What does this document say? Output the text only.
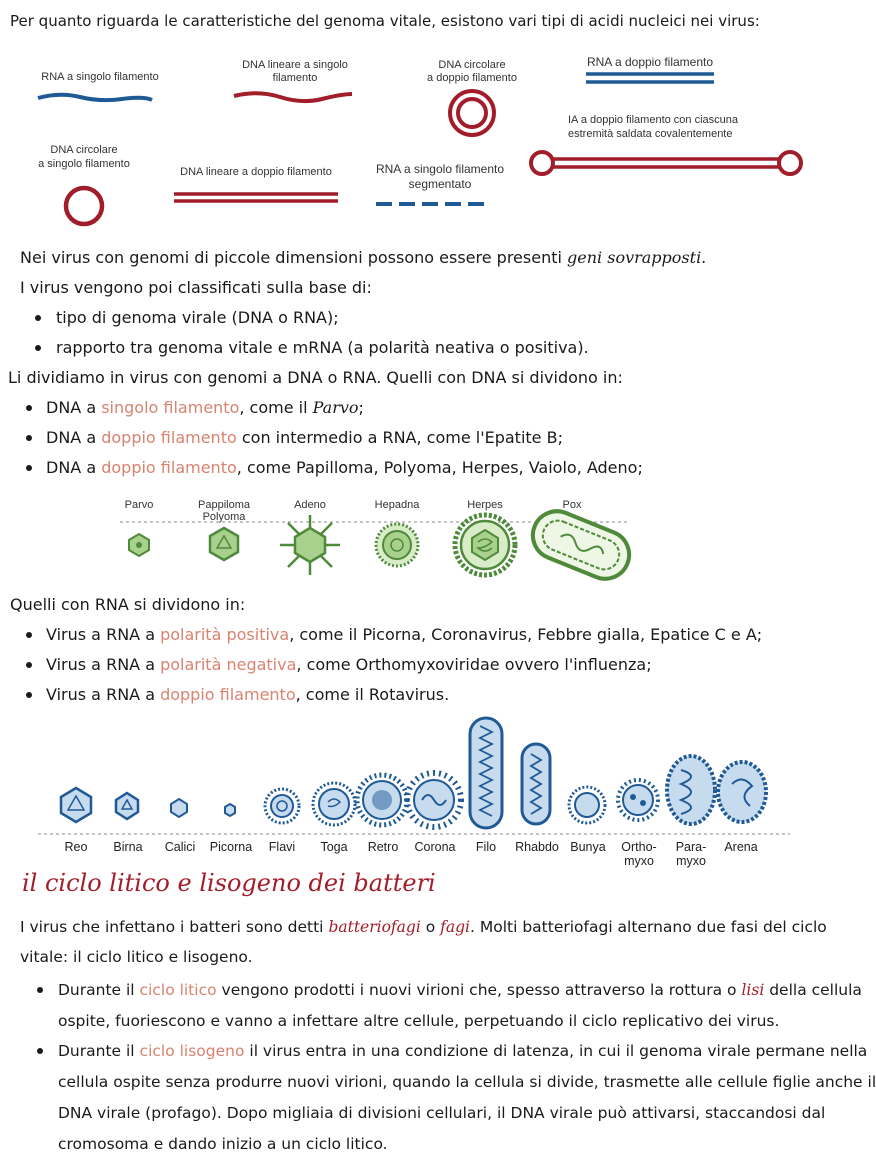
Per quanto riguarda le caratteristiche del genoma vitale, esistono vari tipi di acidi nucleici nei virus:
RNA a singolo filamento
DNA lineare a singolo
filamento
DNA circolare
a doppio filamento
RNA a doppio filamento
IA a doppio filamento con ciascuna
estremità saldata covalentemente
DNA circolare
a singolo filamento
DNA lineare a doppio filamento	RNA a singolo filamento
segmentato
Nei virus con genomi di piccole dimensioni possono essere presenti geni sovrapposti.
I virus vengono poi classificati sulla base di:
tipo di genoma virale (DNA o RNA);
rapporto tra genoma vitale e mRNA (a polarità neativa o positiva).
Li dividiamo in virus con genomi a DNA o RNA. Quelli con DNA si dividono in:
DNA a singolo filamento, come il Parvo;
DNA a doppio filamento con intermedio a RNA, come l'Epatite B;
DNA a doppio filamento, come Papilloma, Polyoma, Herpes, Vaiolo, Adeno;
Parvo	Pappiloma
Polyoma
Adeno	Hepadna	Herpes	Pox
Quelli con RNA si dividono in:
Virus a RNA a polarità positiva, come il Picorna, Coronavirus, Febbre gialla, Epatice C e A;
Virus a RNA a polarità negativa, come Orthomyxoviridae ovvero l'influenza;
Virus a RNA a doppio filamento, come il Rotavirus.
Reo	Birna	Calici	Picorna	Flavi	Toga	Retro	Corona	Filo	Rhabdo Bunya	Ortho-
myxo
Para-
myxo
Arena
il ciclo litico e lisogeno dei batteri
I virus che infettano i batteri sono detti batteriofagi o fagi. Molti batteriofagi alternano due fasi del ciclo
vitale: il ciclo litico e lisogeno.
Durante il ciclo litico vengono prodotti i nuovi virioni che, spesso attraverso la rottura o lisi della cellula
ospite, fuoriescono e vanno a infettare altre cellule, perpetuando il ciclo replicativo dei virus.
Durante il ciclo lisogeno il virus entra in una condizione di latenza, in cui il genoma virale permane nella
cellula ospite senza produrre nuovi virioni, quando la cellula si divide, trasmette alle cellule figlie anche il
DNA virale (profago). Dopo migliaia di divisioni cellulari, il DNA virale può attivarsi, staccandosi dal
cromosoma e dando inizio a un ciclo litico.
